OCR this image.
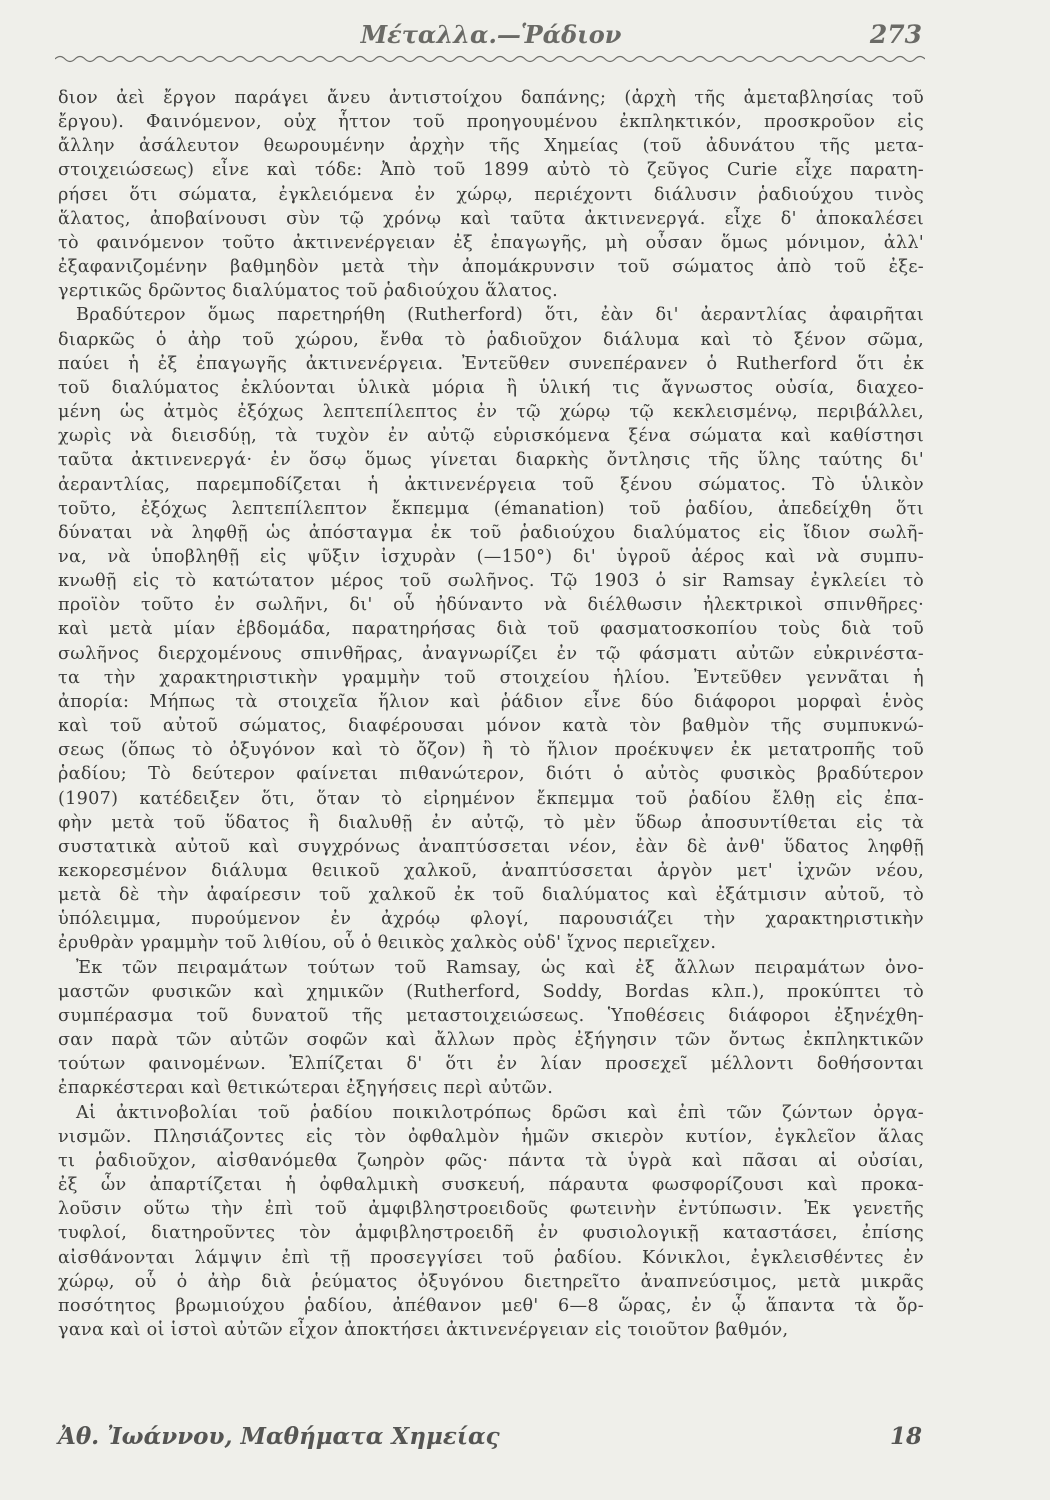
Μέταλλα.—Ῥάδιον	273
διον ἀεὶ ἔργον παράγει ἄνευ ἀντιστοίχου δαπάνης; (ἀρχὴ τῆς ἀμεταβλησίας τοῦ
ἔργου). Φαινόμενον, οὐχ ἧττον τοῦ προηγουμένου ἐκπληκτικόν, προσκροῦον εἰς
ἄλλην ἀσάλευτον θεωρουμένην ἀρχὴν τῆς Χημείας (τοῦ ἀδυνάτου τῆς μετα-
στοιχειώσεως) εἶνε καὶ τόδε: Ἀπὸ τοῦ 1899 αὐτὸ τὸ ζεῦγος Curie εἶχε παρατη-
ρήσει ὅτι σώματα, ἐγκλειόμενα ἐν χώρῳ, περιέχοντι διάλυσιν ῥαδιούχου τινὸς
ἅλατος, ἀποβαίνουσι σὺν τῷ χρόνῳ καὶ ταῦτα ἀκτινενεργά. εἶχε δ' ἀποκαλέσει
τὸ φαινόμενον τοῦτο ἀκτινενέργειαν ἐξ ἐπαγωγῆς, μὴ οὖσαν ὅμως μόνιμον, ἀλλ'
ἐξαφανιζομένην βαθμηδὸν μετὰ τὴν ἀπομάκρυνσιν τοῦ σώματος ἀπὸ τοῦ ἐξε-
γερτικῶς δρῶντος διαλύματος τοῦ ῥαδιούχου ἅλατος.
Βραδύτερον ὅμως παρετηρήθη (Rutherford) ὅτι, ἐὰν δι' ἀεραντλίας ἀφαιρῆται
διαρκῶς ὁ ἀὴρ τοῦ χώρου, ἔνθα τὸ ῥαδιοῦχον διάλυμα καὶ τὸ ξένον σῶμα,
παύει ἡ ἐξ ἐπαγωγῆς ἀκτινενέργεια. Ἐντεῦθεν συνεπέρανεν ὁ Rutherford ὅτι ἐκ
τοῦ διαλύματος ἐκλύονται ὑλικὰ μόρια ἢ ὑλική τις ἄγνωστος οὐσία, διαχεο-
μένη ὡς ἀτμὸς ἐξόχως λεπτεπίλεπτος ἐν τῷ χώρῳ τῷ κεκλεισμένῳ, περιβάλλει,
χωρὶς νὰ διεισδύῃ, τὰ τυχὸν ἐν αὐτῷ εὑρισκόμενα ξένα σώματα καὶ καθίστησι
ταῦτα ἀκτινενεργά· ἐν ὅσῳ ὅμως γίνεται διαρκὴς ὄντλησις τῆς ὕλης ταύτης δι'
ἀεραντλίας, παρεμποδίζεται ἡ ἀκτινενέργεια τοῦ ξένου σώματος. Τὸ ὑλικὸν
τοῦτο, ἐξόχως λεπτεπίλεπτον ἔκπεμμα (émanation) τοῦ ῥαδίου, ἀπεδείχθη ὅτι
δύναται νὰ ληφθῇ ὡς ἀπόσταγμα ἐκ τοῦ ῥαδιούχου διαλύματος εἰς ἴδιον σωλῆ-
να, νὰ ὑποβληθῇ εἰς ψῦξιν ἰσχυρὰν (—150°) δι' ὑγροῦ ἀέρος καὶ νὰ συμπυ-
κνωθῇ εἰς τὸ κατώτατον μέρος τοῦ σωλῆνος. Τῷ 1903 ὁ sir Ramsay ἐγκλείει τὸ
προϊὸν τοῦτο ἐν σωλῆνι, δι' οὗ ἠδύναντο νὰ διέλθωσιν ἠλεκτρικοὶ σπινθῆρες·
καὶ μετὰ μίαν ἑβδομάδα, παρατηρήσας διὰ τοῦ φασματοσκοπίου τοὺς διὰ τοῦ
σωλῆνος διερχομένους σπινθῆρας, ἀναγνωρίζει ἐν τῷ φάσματι αὐτῶν εὐκρινέστα-
τα τὴν χαρακτηριστικὴν γραμμὴν τοῦ στοιχείου ἡλίου. Ἐντεῦθεν γεννᾶται ἡ
ἀπορία: Μήπως τὰ στοιχεῖα ἥλιον καὶ ῥάδιον εἶνε δύο διάφοροι μορφαὶ ἑνὸς
καὶ τοῦ αὐτοῦ σώματος, διαφέρουσαι μόνον κατὰ τὸν βαθμὸν τῆς συμπυκνώ-
σεως (ὅπως τὸ ὀξυγόνον καὶ τὸ ὄζον) ἢ τὸ ἥλιον προέκυψεν ἐκ μετατροπῆς τοῦ
ῥαδίου; Τὸ δεύτερον φαίνεται πιθανώτερον, διότι ὁ αὐτὸς φυσικὸς βραδύτερον
(1907) κατέδειξεν ὅτι, ὅταν τὸ εἰρημένον ἔκπεμμα τοῦ ῥαδίου ἔλθῃ εἰς ἐπα-
φὴν μετὰ τοῦ ὕδατος ἢ διαλυθῇ ἐν αὐτῷ, τὸ μὲν ὕδωρ ἀποσυντίθεται εἰς τὰ
συστατικὰ αὐτοῦ καὶ συγχρόνως ἀναπτύσσεται νέον, ἐὰν δὲ ἀνθ' ὕδατος ληφθῇ
κεκορεσμένον διάλυμα θειικοῦ χαλκοῦ, ἀναπτύσσεται ἀργὸν μετ' ἰχνῶν νέου,
μετὰ δὲ τὴν ἀφαίρεσιν τοῦ χαλκοῦ ἐκ τοῦ διαλύματος καὶ ἐξάτμισιν αὐτοῦ, τὸ
ὑπόλειμμα, πυρούμενον ἐν ἀχρόῳ φλογί, παρουσιάζει τὴν χαρακτηριστικὴν
ἐρυθρὰν γραμμὴν τοῦ λιθίου, οὗ ὁ θειικὸς χαλκὸς οὐδ' ἴχνος περιεῖχεν.
Ἐκ τῶν πειραμάτων τούτων τοῦ Ramsay, ὡς καὶ ἐξ ἄλλων πειραμάτων ὀνο-
μαστῶν φυσικῶν καὶ χημικῶν (Rutherford, Soddy, Bordas κλπ.), προκύπτει τὸ
συμπέρασμα τοῦ δυνατοῦ τῆς μεταστοιχειώσεως. Ὑποθέσεις διάφοροι ἐξηνέχθη-
σαν παρὰ τῶν αὐτῶν σοφῶν καὶ ἄλλων πρὸς ἐξήγησιν τῶν ὄντως ἐκπληκτικῶν
τούτων φαινομένων. Ἐλπίζεται δ' ὅτι ἐν λίαν προσεχεῖ μέλλοντι δοθήσονται
ἐπαρκέστεραι καὶ θετικώτεραι ἐξηγήσεις περὶ αὐτῶν.
Αἱ ἀκτινοβολίαι τοῦ ῥαδίου ποικιλοτρόπως δρῶσι καὶ ἐπὶ τῶν ζώντων ὀργα-
νισμῶν. Πλησιάζοντες εἰς τὸν ὀφθαλμὸν ἡμῶν σκιερὸν κυτίον, ἐγκλεῖον ἅλας
τι ῥαδιοῦχον, αἰσθανόμεθα ζωηρὸν φῶς· πάντα τὰ ὑγρὰ καὶ πᾶσαι αἱ οὐσίαι,
ἐξ ὧν ἀπαρτίζεται ἡ ὀφθαλμικὴ συσκευή, πάραυτα φωσφορίζουσι καὶ προκα-
λοῦσιν οὕτω τὴν ἐπὶ τοῦ ἀμφιβληστροειδοῦς φωτεινὴν ἐντύπωσιν. Ἐκ γενετῆς
τυφλοί, διατηροῦντες τὸν ἀμφιβληστροειδῆ ἐν φυσιολογικῇ καταστάσει, ἐπίσης
αἰσθάνονται λάμψιν ἐπὶ τῇ προσεγγίσει τοῦ ῥαδίου. Κόνικλοι, ἐγκλεισθέντες ἐν
χώρῳ, οὗ ὁ ἀὴρ διὰ ῥεύματος ὀξυγόνου διετηρεῖτο ἀναπνεύσιμος, μετὰ μικρᾶς
ποσότητος βρωμιούχου ῥαδίου, ἀπέθανον μεθ' 6—8 ὥρας, ἐν ᾧ ἅπαντα τὰ ὄρ-
γανα καὶ οἱ ἱστοὶ αὐτῶν εἶχον ἀποκτήσει ἀκτινενέργειαν εἰς τοιοῦτον βαθμόν,
Ἀθ. Ἰωάννου, Μαθήματα Χημείας	18
